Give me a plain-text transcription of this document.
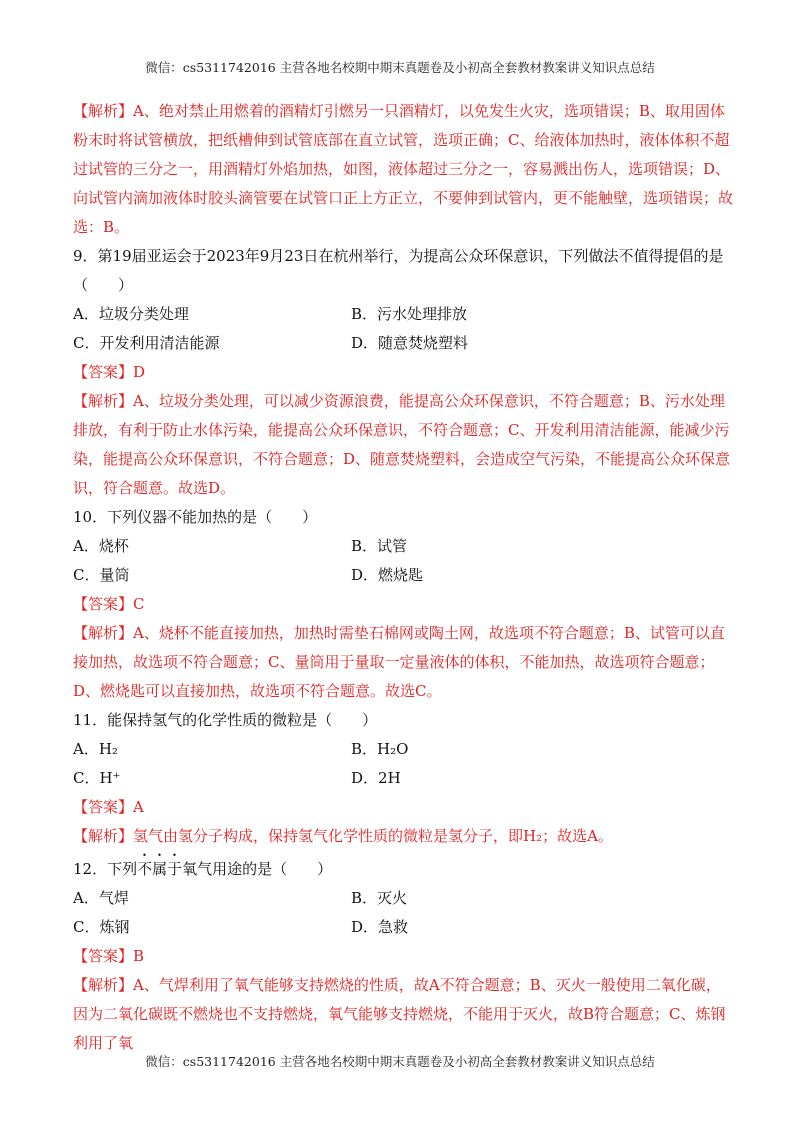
微信：cs5311742016 主营各地名校期中期末真题卷及小初高全套教材教案讲义知识点总结
【解析】A、绝对禁止用燃着的酒精灯引燃另一只酒精灯，以免发生火灾，选项错误；B、取用固体粉末时将试管横放，把纸槽伸到试管底部在直立试管，选项正确；C、给液体加热时，液体体积不超过试管的三分之一，用酒精灯外焰加热，如图，液体超过三分之一，容易溅出伤人，选项错误；D、向试管内滴加液体时胶头滴管要在试管口正上方正立，不要伸到试管内，更不能触壁，选项错误；故选：B。
9．第19届亚运会于2023年9月23日在杭州举行，为提高公众环保意识，下列做法不值得提倡的是（　　）
A．垃圾分类处理	B．污水处理排放
C．开发利用清洁能源	D．随意焚烧塑料
【答案】D
【解析】A、垃圾分类处理，可以减少资源浪费，能提高公众环保意识，不符合题意；B、污水处理排放，有利于防止水体污染，能提高公众环保意识，不符合题意；C、开发利用清洁能源，能减少污染，能提高公众环保意识，不符合题意；D、随意焚烧塑料，会造成空气污染，不能提高公众环保意识，符合题意。故选D。
10．下列仪器不能加热的是（　　）
A．烧杯	B．试管
C．量筒	D．燃烧匙
【答案】C
【解析】A、烧杯不能直接加热，加热时需垫石棉网或陶土网，故选项不符合题意；B、试管可以直接加热，故选项不符合题意；C、量筒用于量取一定量液体的体积，不能加热，故选项符合题意；D、燃烧匙可以直接加热，故选项不符合题意。故选C。
11．能保持氢气的化学性质的微粒是（　　）
A．H₂	B．H₂O
C．H⁺	D．2H
【答案】A
【解析】氢气由氢分子构成，保持氢气化学性质的微粒是氢分子，即H₂；故选A。
12．下列不属于氧气用途的是（　　）
A．气焊	B．灭火
C．炼钢	D．急救
【答案】B
【解析】A、气焊利用了氧气能够支持燃烧的性质，故A不符合题意；B、灭火一般使用二氧化碳，因为二氧化碳既不燃烧也不支持燃烧，氧气能够支持燃烧，不能用于灭火，故B符合题意；C、炼钢利用了氧
微信：cs5311742016 主营各地名校期中期末真题卷及小初高全套教材教案讲义知识点总结
